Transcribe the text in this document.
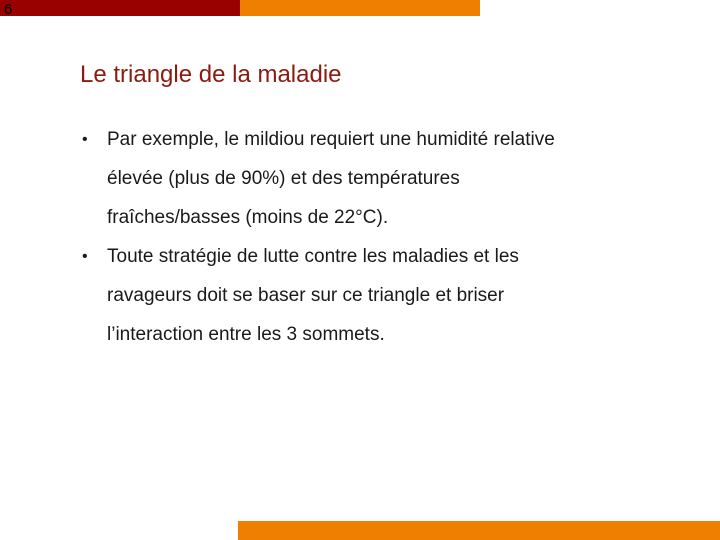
6
Le triangle de la maladie
• Par exemple, le mildiou requiert une humidité relative
élevée (plus de 90%) et des températures
fraîches/basses (moins de 22°C).
• Toute stratégie de lutte contre les maladies et les
ravageurs doit se baser sur ce triangle et briser
l’interaction entre les 3 sommets.
